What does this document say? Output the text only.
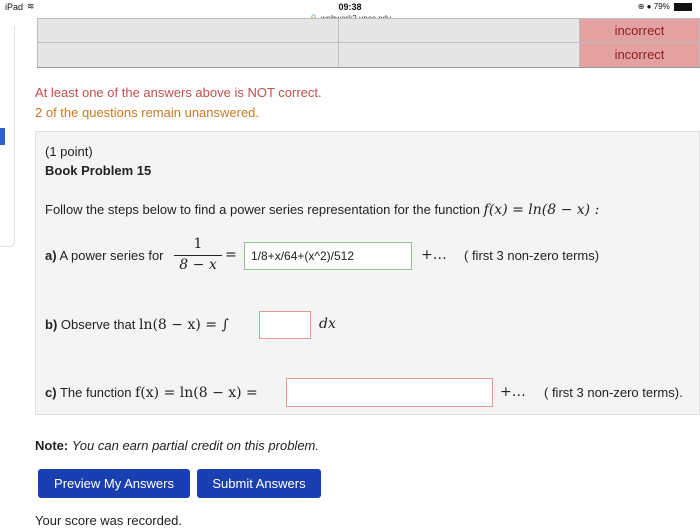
iPad ≋	09:38	⊕ ● 79%
incorrect
incorrect
At least one of the answers above is NOT correct.
2 of the questions remain unanswered.
(1 point)
Book Problem 15
Follow the steps below to find a power series representation for the function f(x) = ln(8 − x) :
a) A power series for
1
8 − x
=
1/8+x/64+(x^2)/512	+… ( first 3 non-zero terms)
b) Observe that ln(8 − x) = ∫	dx
c) The function f(x) = ln(8 − x) =	+… ( first 3 non-zero terms).
Note: You can earn partial credit on this problem.
Preview My Answers	Submit Answers
Your score was recorded.
